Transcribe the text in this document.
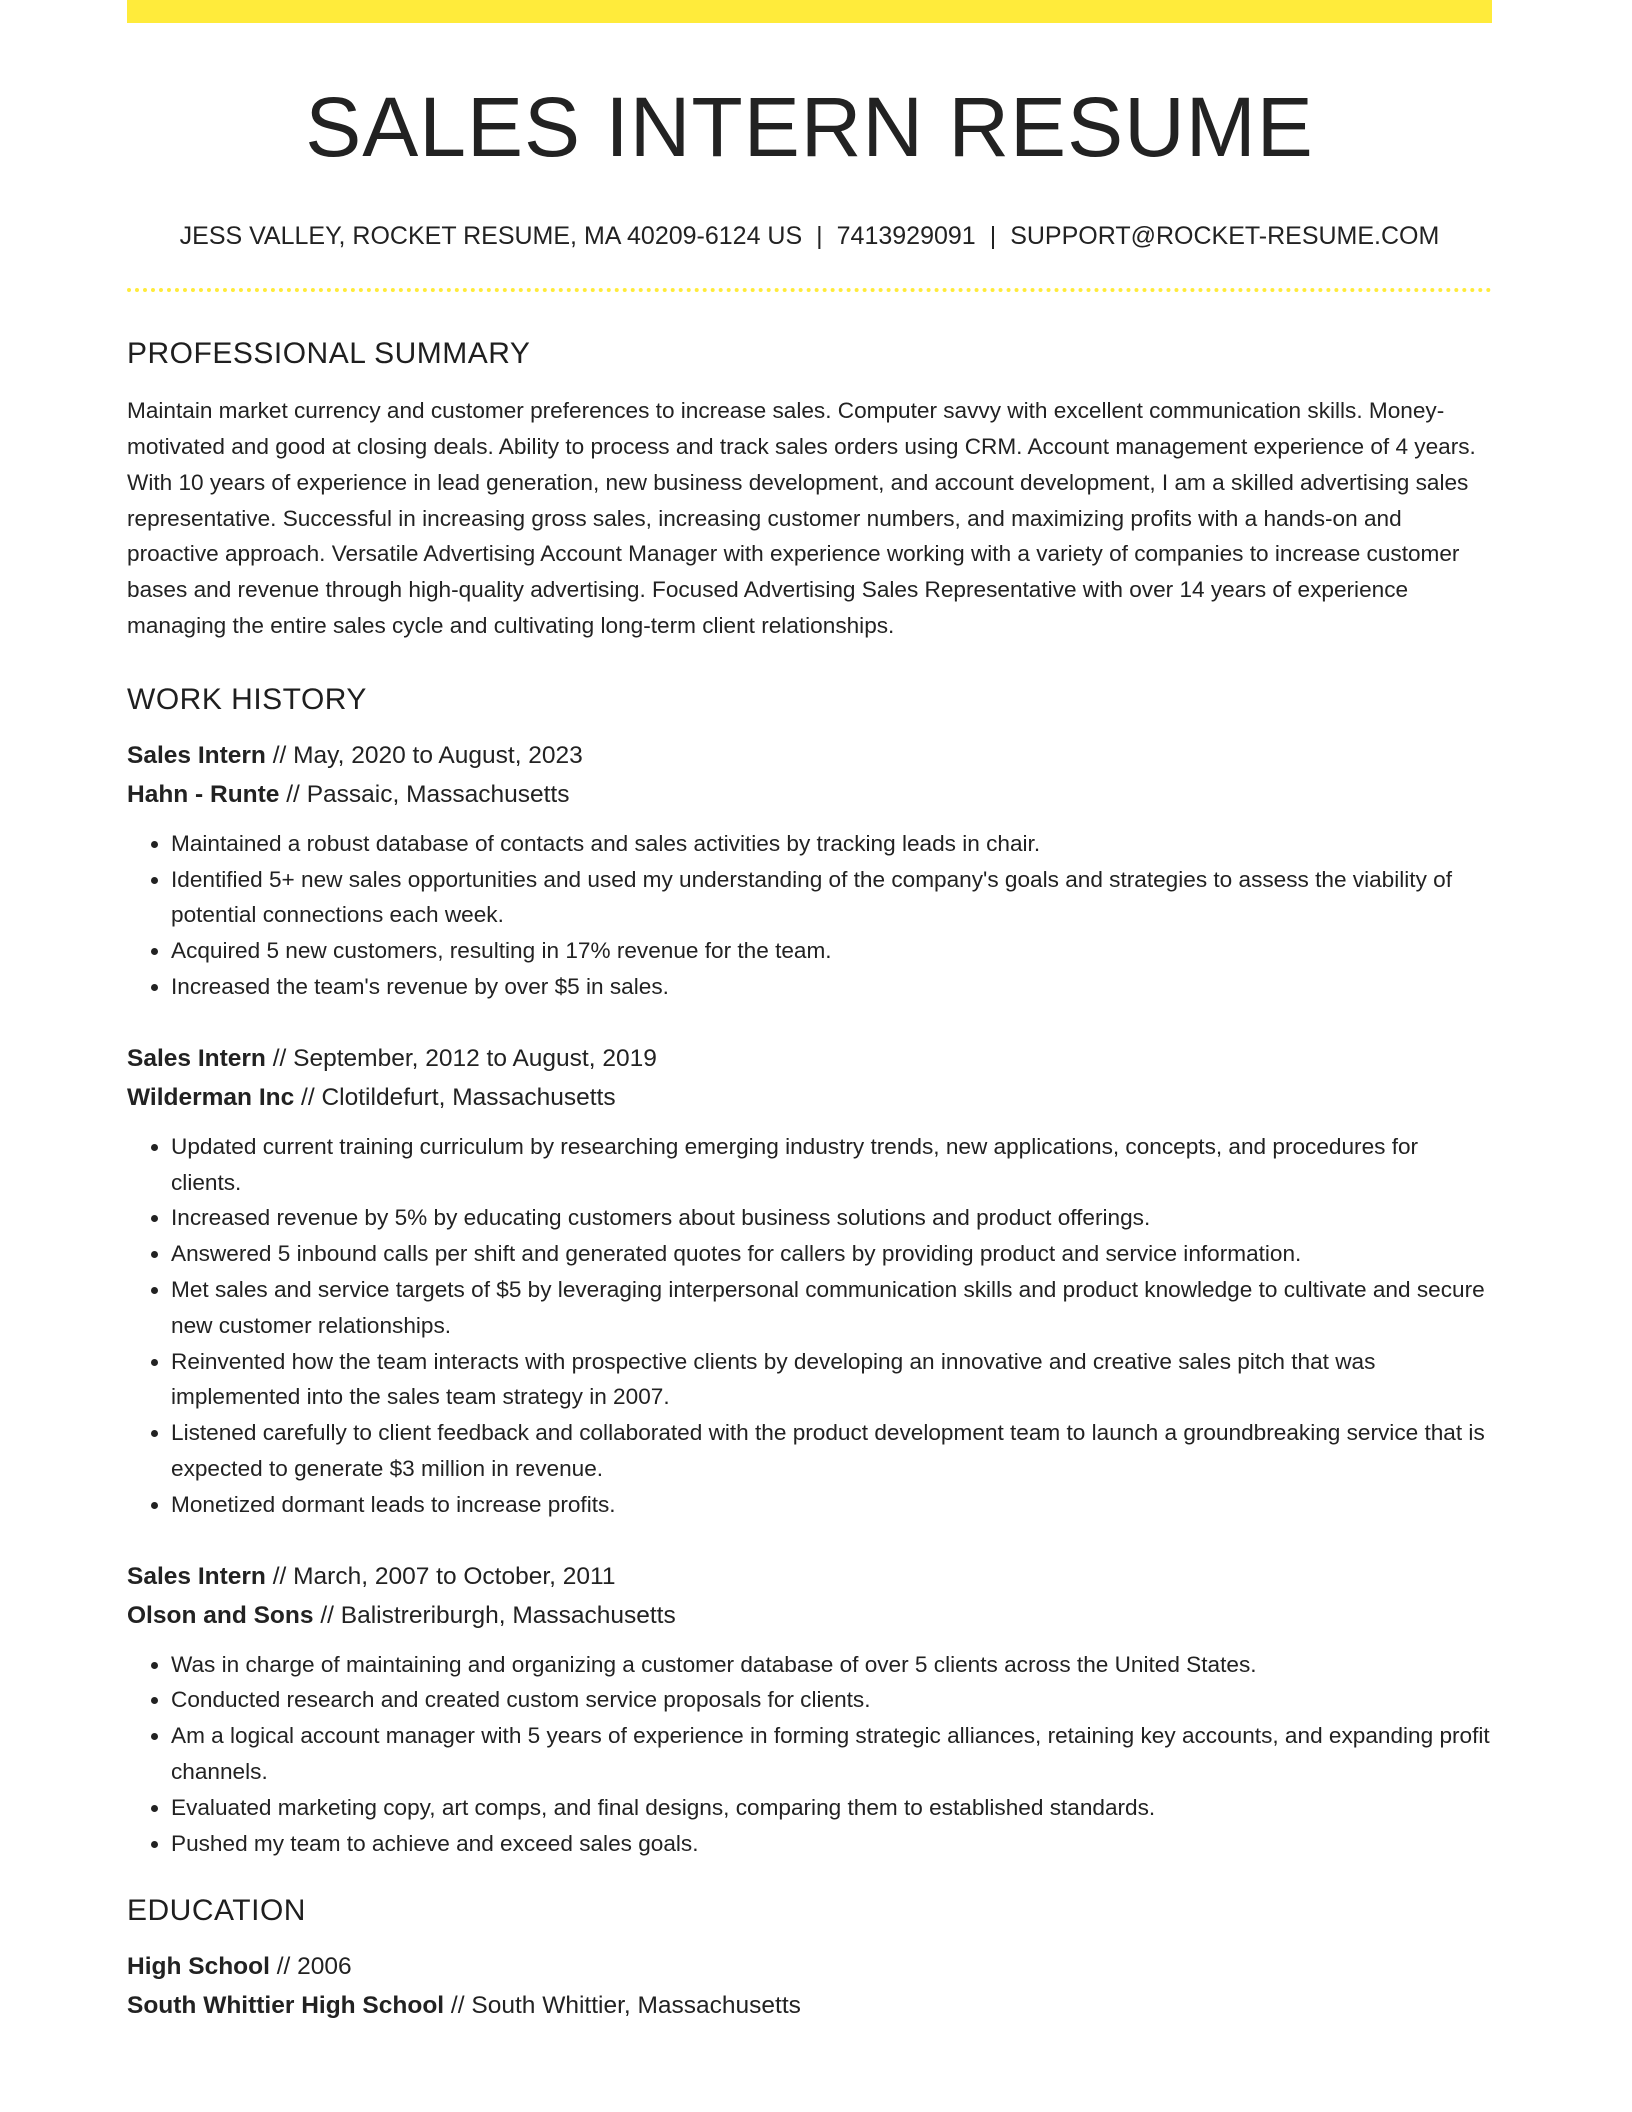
SALES INTERN RESUME
JESS VALLEY, ROCKET RESUME, MA 40209-6124 US | 7413929091 | SUPPORT@ROCKET-RESUME.COM
PROFESSIONAL SUMMARY
Maintain market currency and customer preferences to increase sales. Computer savvy with excellent communication skills. Money-motivated and good at closing deals. Ability to process and track sales orders using CRM. Account management experience of 4 years. With 10 years of experience in lead generation, new business development, and account development, I am a skilled advertising sales representative. Successful in increasing gross sales, increasing customer numbers, and maximizing profits with a hands-on and proactive approach. Versatile Advertising Account Manager with experience working with a variety of companies to increase customer bases and revenue through high-quality advertising. Focused Advertising Sales Representative with over 14 years of experience managing the entire sales cycle and cultivating long-term client relationships.
WORK HISTORY
Sales Intern // May, 2020 to August, 2023
Hahn - Runte // Passaic, Massachusetts
• Maintained a robust database of contacts and sales activities by tracking leads in chair.
• Identified 5+ new sales opportunities and used my understanding of the company's goals and strategies to assess the viability of potential connections each week.
• Acquired 5 new customers, resulting in 17% revenue for the team.
• Increased the team's revenue by over $5 in sales.
Sales Intern // September, 2012 to August, 2019
Wilderman Inc // Clotildefurt, Massachusetts
• Updated current training curriculum by researching emerging industry trends, new applications, concepts, and procedures for clients.
• Increased revenue by 5% by educating customers about business solutions and product offerings.
• Answered 5 inbound calls per shift and generated quotes for callers by providing product and service information.
• Met sales and service targets of $5 by leveraging interpersonal communication skills and product knowledge to cultivate and secure new customer relationships.
• Reinvented how the team interacts with prospective clients by developing an innovative and creative sales pitch that was implemented into the sales team strategy in 2007.
• Listened carefully to client feedback and collaborated with the product development team to launch a groundbreaking service that is expected to generate $3 million in revenue.
• Monetized dormant leads to increase profits.
Sales Intern // March, 2007 to October, 2011
Olson and Sons // Balistreriburgh, Massachusetts
• Was in charge of maintaining and organizing a customer database of over 5 clients across the United States.
• Conducted research and created custom service proposals for clients.
• Am a logical account manager with 5 years of experience in forming strategic alliances, retaining key accounts, and expanding profit channels.
• Evaluated marketing copy, art comps, and final designs, comparing them to established standards.
• Pushed my team to achieve and exceed sales goals.
EDUCATION
High School // 2006
South Whittier High School // South Whittier, Massachusetts
